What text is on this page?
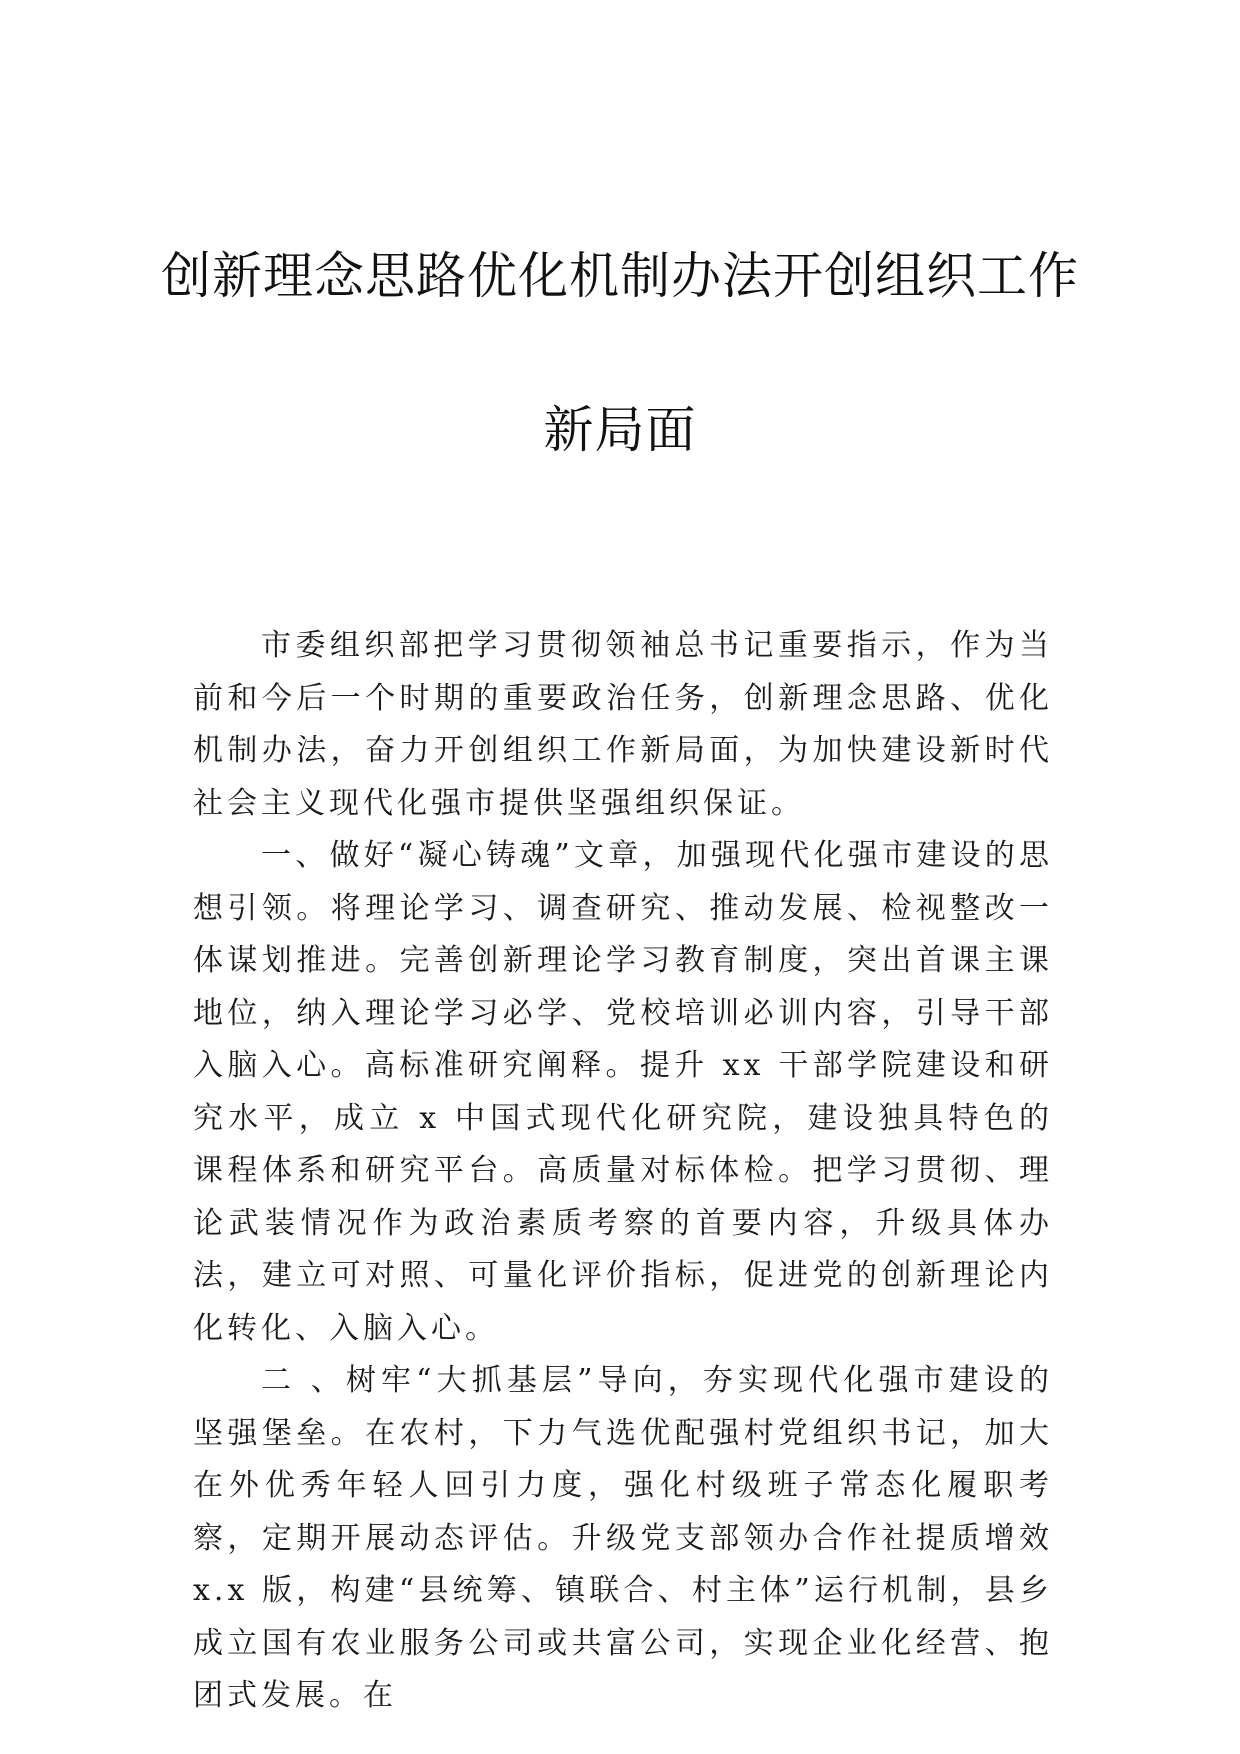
创新理念思路优化机制办法开创组织工作
新局面

市委组织部把学习贯彻领袖总书记重要指示，作为当前和今后一个时期的重要政治任务，创新理念思路、优化机制办法，奋力开创组织工作新局面，为加快建设新时代社会主义现代化强市提供坚强组织保证。

一、做好“凝心铸魂”文章，加强现代化强市建设的思想引领。将理论学习、调查研究、推动发展、检视整改一体谋划推进。完善创新理论学习教育制度，突出首课主课地位，纳入理论学习必学、党校培训必训内容，引导干部入脑入心。高标准研究阐释。提升 xx 干部学院建设和研究水平，成立 x 中国式现代化研究院，建设独具特色的课程体系和研究平台。高质量对标体检。把学习贯彻、理论武装情况作为政治素质考察的首要内容，升级具体办法，建立可对照、可量化评价指标，促进党的创新理论内化转化、入脑入心。

二 、树牢“大抓基层”导向，夯实现代化强市建设的坚强堡垒。在农村，下力气选优配强村党组织书记，加大在外优秀年轻人回引力度，强化村级班子常态化履职考察，定期开展动态评估。升级党支部领办合作社提质增效 x.x 版，构建“县统筹、镇联合、村主体”运行机制，县乡成立国有农业服务公司或共富公司，实现企业化经营、抱团式发展。在
